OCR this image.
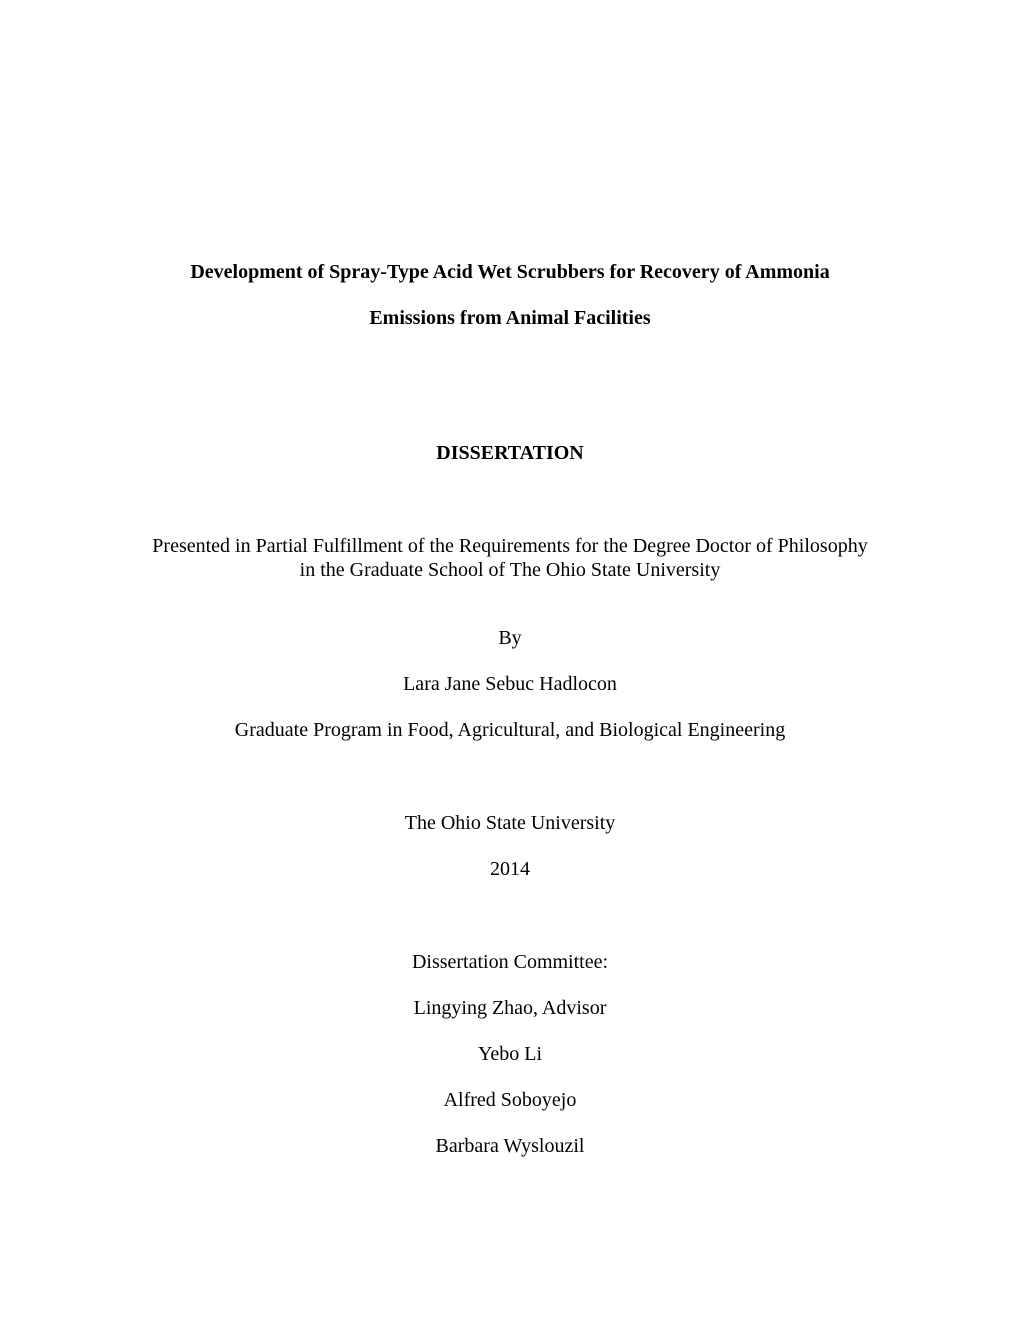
Development of Spray-Type Acid Wet Scrubbers for Recovery of Ammonia

Emissions from Animal Facilities

DISSERTATION

Presented in Partial Fulfillment of the Requirements for the Degree Doctor of Philosophy

in the Graduate School of The Ohio State University

By

Lara Jane Sebuc Hadlocon

Graduate Program in Food, Agricultural, and Biological Engineering

The Ohio State University

2014

Dissertation Committee:

Lingying Zhao, Advisor

Yebo Li

Alfred Soboyejo

Barbara Wyslouzil
